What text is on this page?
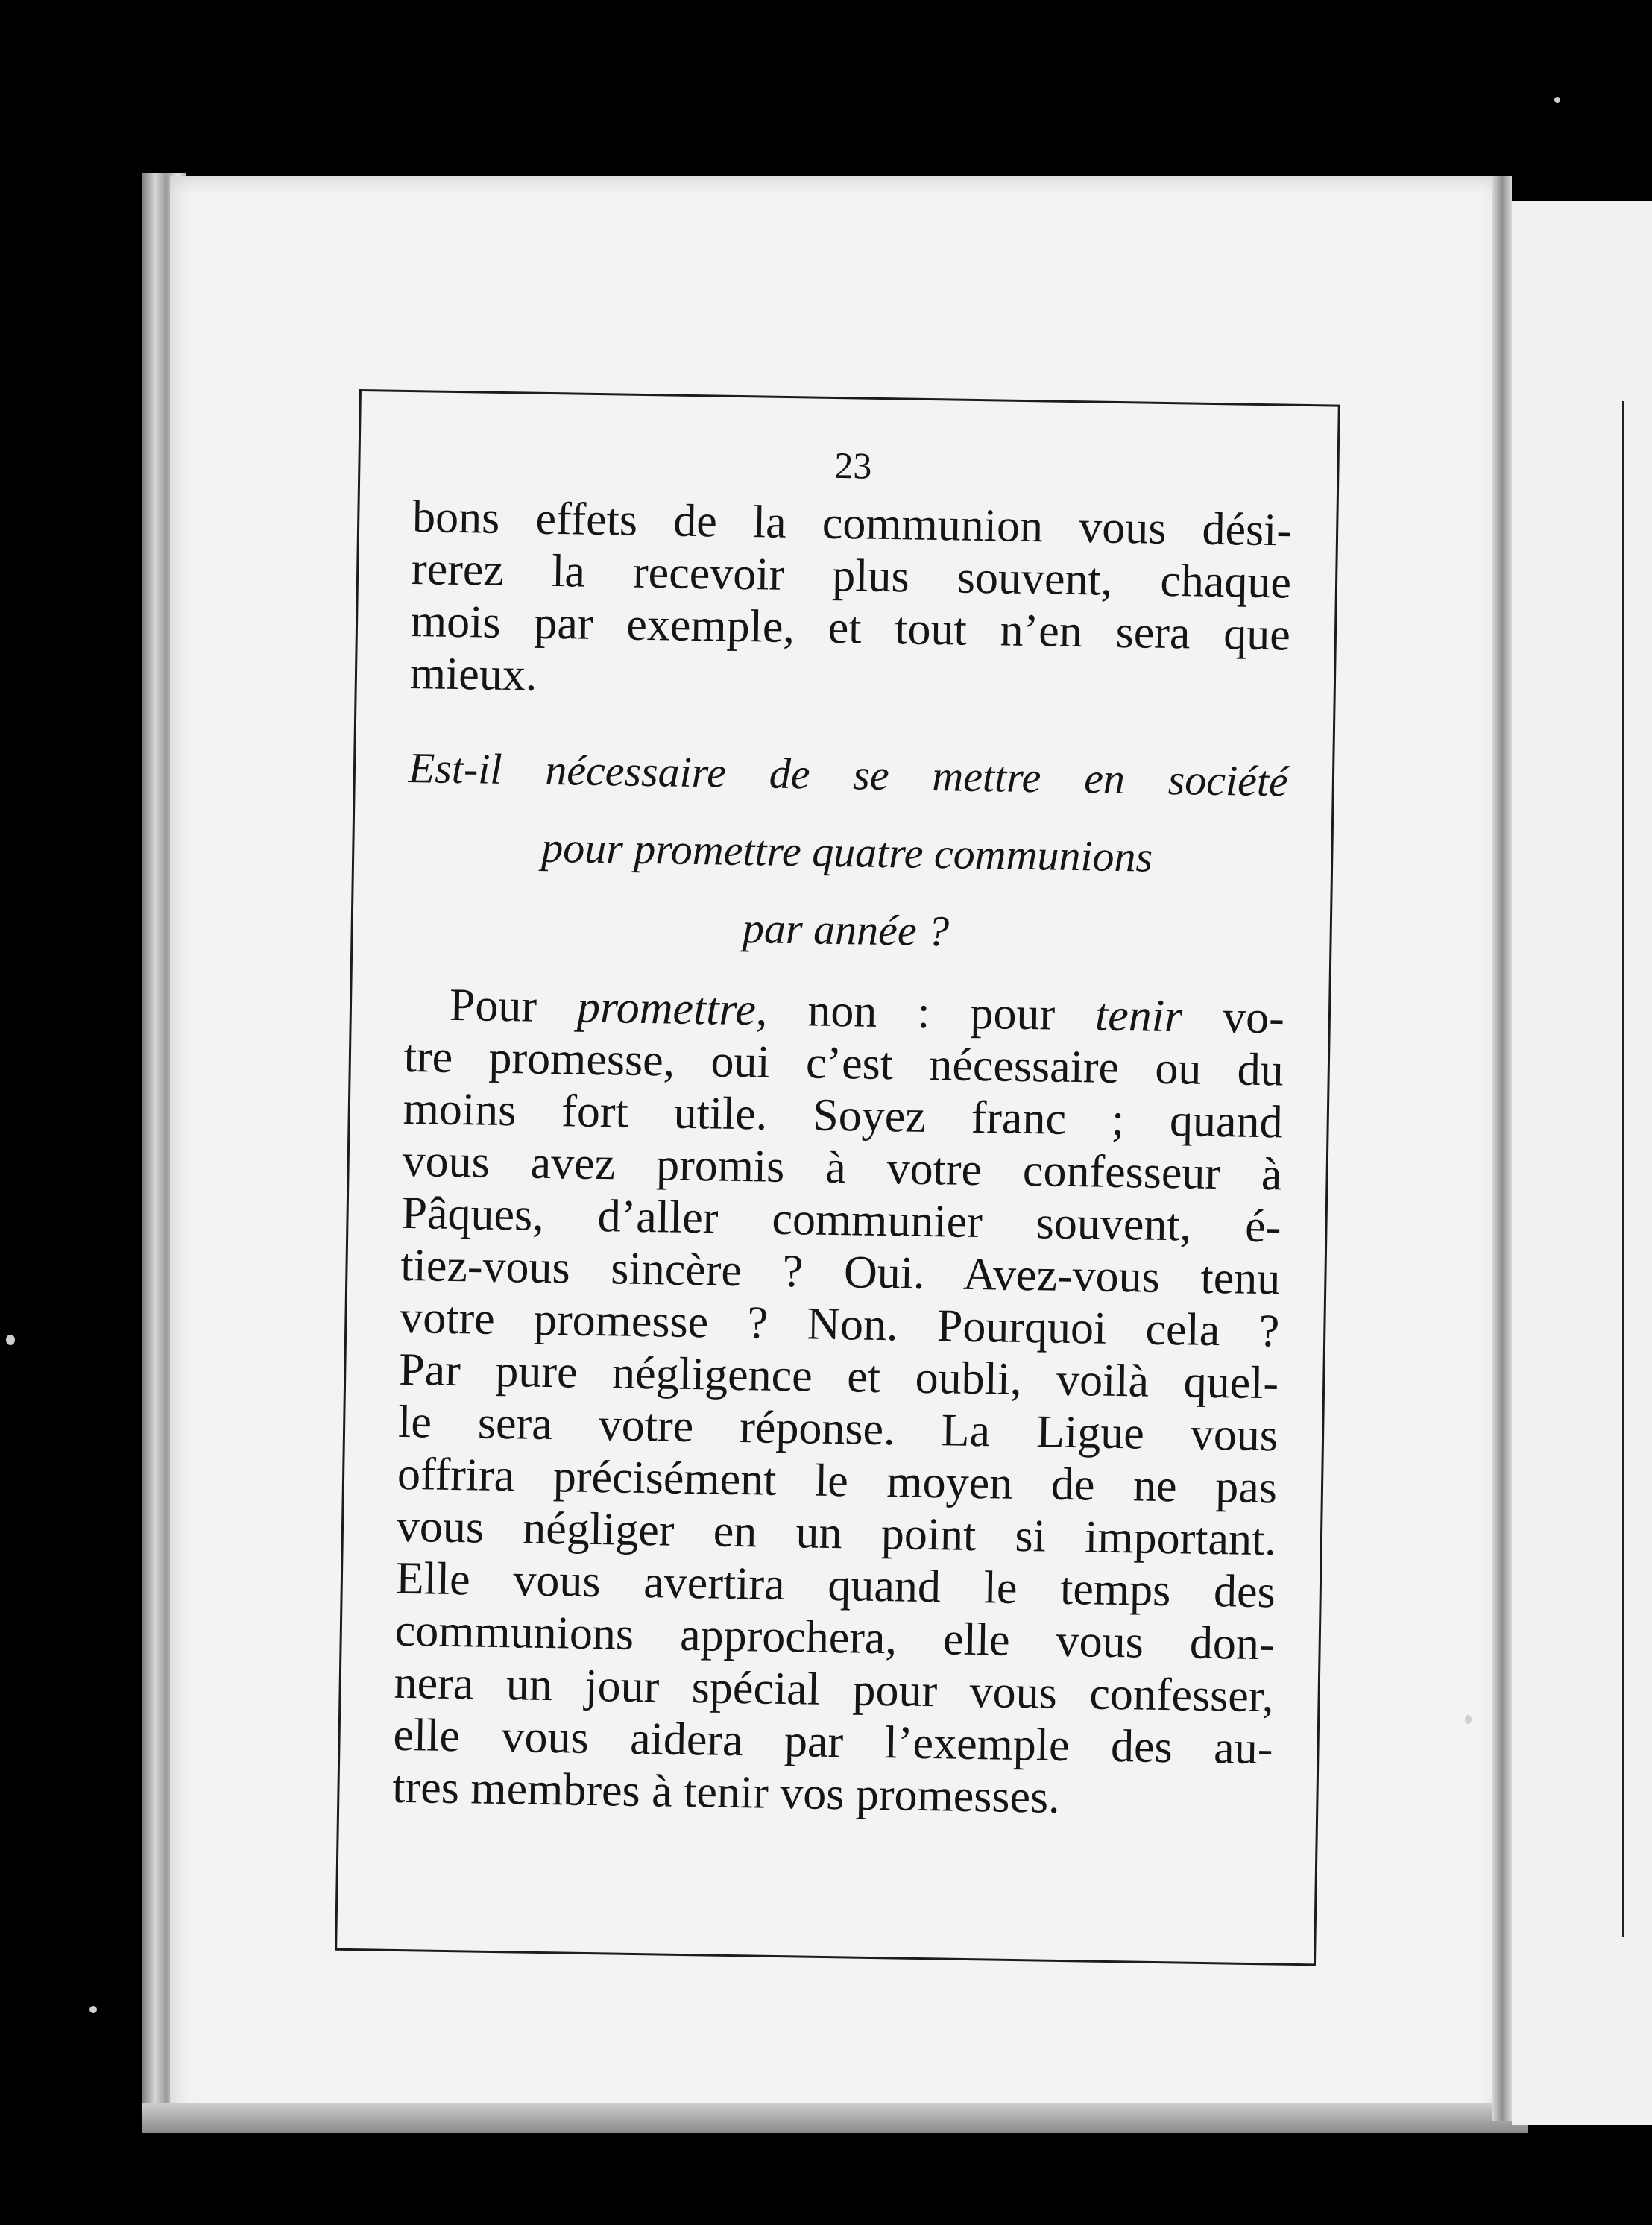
23

bons effets de la communion vous dési-
rerez la recevoir plus souvent, chaque
mois par exemple, et tout n’en sera que
mieux.

Est-il nécessaire de se mettre en société
pour promettre quatre communions
par année ?

Pour promettre, non : pour tenir vo-
tre promesse, oui c’est nécessaire ou du
moins fort utile. Soyez franc ; quand
vous avez promis à votre confesseur à
Pâques, d’aller communier souvent, é-
tiez-vous sincère ? Oui. Avez-vous tenu
votre promesse ? Non. Pourquoi cela ?
Par pure négligence et oubli, voilà quel-
le sera votre réponse. La Ligue vous
offrira précisément le moyen de ne pas
vous négliger en un point si important.
Elle vous avertira quand le temps des
communions approchera, elle vous don-
nera un jour spécial pour vous confesser,
elle vous aidera par l’exemple des au-
tres membres à tenir vos promesses.
